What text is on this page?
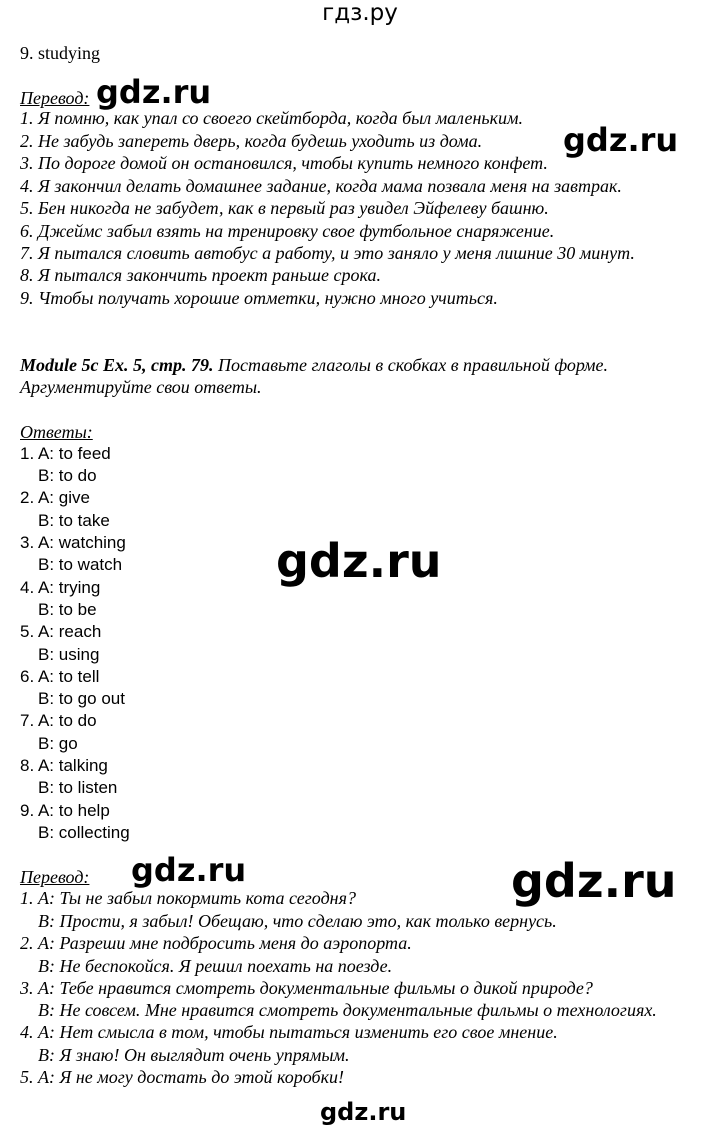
гдз.ру
9. studying
Перевод:
1. Я помню, как упал со своего скейтборда, когда был маленьким.
2. Не забудь запереть дверь, когда будешь уходить из дома.
3. По дороге домой он остановился, чтобы купить немного конфет.
4. Я закончил делать домашнее задание, когда мама позвала меня на завтрак.
5. Бен никогда не забудет, как в первый раз увидел Эйфелеву башню.
6. Джеймс забыл взять на тренировку свое футбольное снаряжение.
7. Я пытался словить автобус а работу, и это заняло у меня лишние 30 минут.
8. Я пытался закончить проект раньше срока.
9. Чтобы получать хорошие отметки, нужно много учиться.
Module 5c Ex. 5, стр. 79. Поставьте глаголы в скобках в правильной форме.
Аргументируйте свои ответы.
Ответы:
1. A: to feed
B: to do
2. A: give
B: to take
3. A: watching
B: to watch
4. A: trying
B: to be
5. A: reach
B: using
6. A: to tell
B: to go out
7. A: to do
B: go
8. A: talking
B: to listen
9. A: to help
B: collecting
Перевод:
1. А: Ты не забыл покормить кота сегодня?
B: Прости, я забыл! Обещаю, что сделаю это, как только вернусь.
2. А: Разреши мне подбросить меня до аэропорта.
B: Не беспокойся. Я решил поехать на поезде.
3. А: Тебе нравится смотреть документальные фильмы о дикой природе?
B: Не совсем. Мне нравится смотреть документальные фильмы о технологиях.
4. А: Нет смысла в том, чтобы пытаться изменить его свое мнение.
B: Я знаю! Он выглядит очень упрямым.
5. А: Я не могу достать до этой коробки!
gdz.ru
gdz.ru
gdz.ru
gdz.ru	gdz.ru
gdz.ru
